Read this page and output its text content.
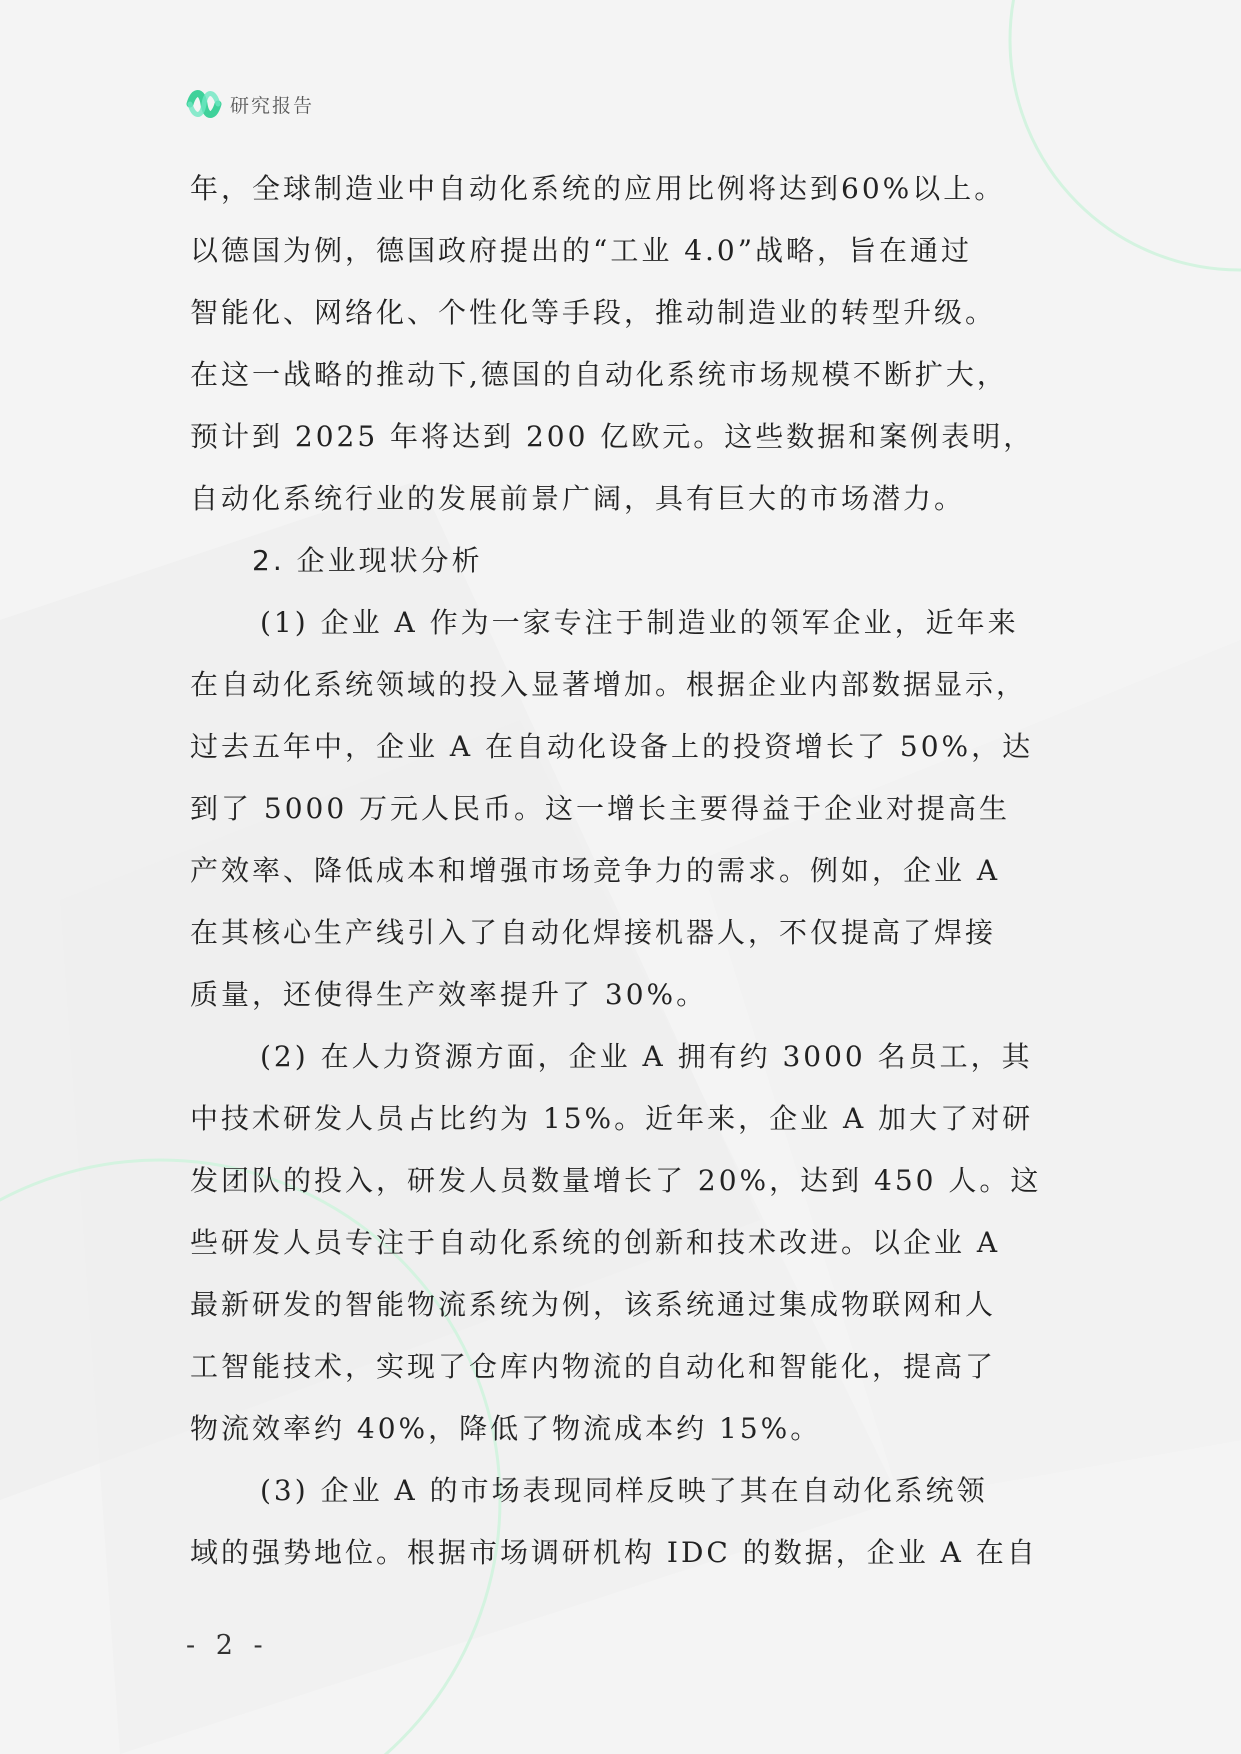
研究报告
年，全球制造业中自动化系统的应用比例将达到60%以上。
以德国为例，德国政府提出的“工业 4.0”战略，旨在通过
智能化、网络化、个性化等手段，推动制造业的转型升级。
在这一战略的推动下,德国的自动化系统市场规模不断扩大，
预计到 2025 年将达到 200 亿欧元。这些数据和案例表明，
自动化系统行业的发展前景广阔，具有巨大的市场潜力。
2. 企业现状分析
(1) 企业 A 作为一家专注于制造业的领军企业，近年来
在自动化系统领域的投入显著增加。根据企业内部数据显示，
过去五年中，企业 A 在自动化设备上的投资增长了 50%，达
到了 5000 万元人民币。这一增长主要得益于企业对提高生
产效率、降低成本和增强市场竞争力的需求。例如，企业 A
在其核心生产线引入了自动化焊接机器人，不仅提高了焊接
质量，还使得生产效率提升了 30%。
(2) 在人力资源方面，企业 A 拥有约 3000 名员工，其
中技术研发人员占比约为 15%。近年来，企业 A 加大了对研
发团队的投入，研发人员数量增长了 20%，达到 450 人。这
些研发人员专注于自动化系统的创新和技术改进。以企业 A
最新研发的智能物流系统为例，该系统通过集成物联网和人
工智能技术，实现了仓库内物流的自动化和智能化，提高了
物流效率约 40%，降低了物流成本约 15%。
(3) 企业 A 的市场表现同样反映了其在自动化系统领
域的强势地位。根据市场调研机构 IDC 的数据，企业 A 在自
- 2 -
